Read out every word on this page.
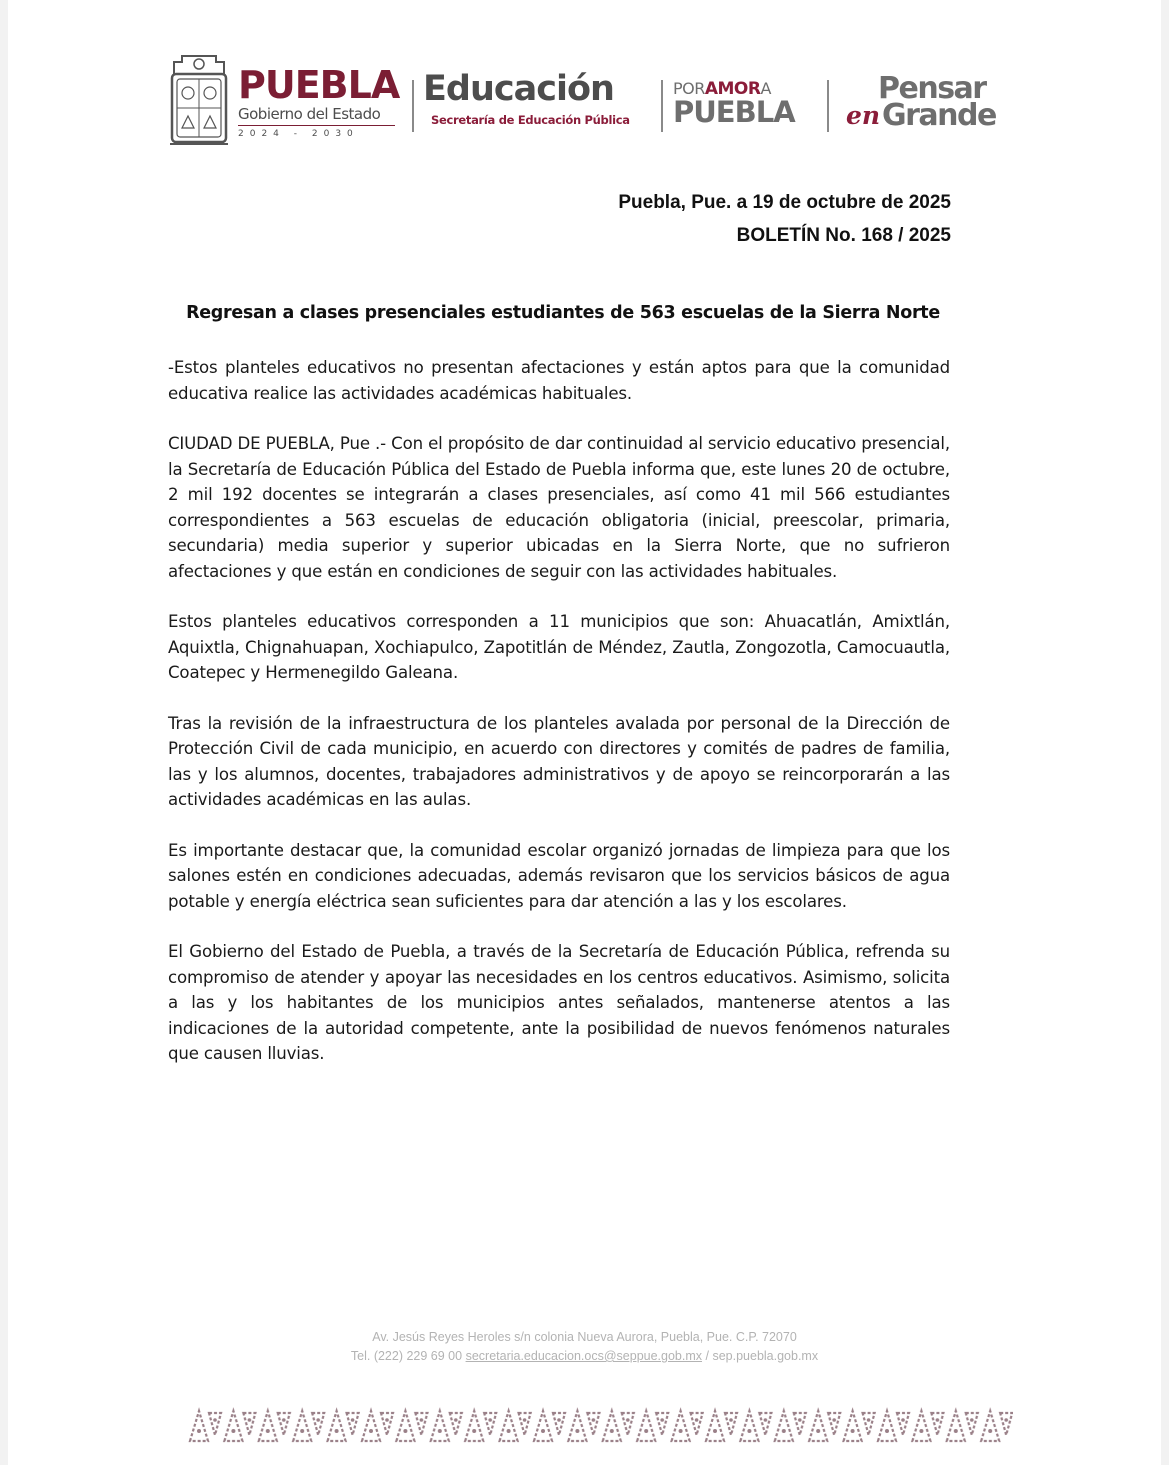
PUEBLA
Gobierno del Estado
2024 - 2030
Educación
Secretaría de Educación Pública
PORAMORA
PUEBLA
Pensar
en Grande
Puebla, Pue. a 19 de octubre de 2025
BOLETÍN No. 168 / 2025
Regresan a clases presenciales estudiantes de 563 escuelas de la Sierra Norte

-Estos planteles educativos no presentan afectaciones y están aptos para que la comunidad educativa realice las actividades académicas habituales.

CIUDAD DE PUEBLA, Pue .- Con el propósito de dar continuidad al servicio educativo presencial, la Secretaría de Educación Pública del Estado de Puebla informa que, este lunes 20 de octubre, 2 mil 192 docentes se integrarán a clases presenciales, así como 41 mil 566 estudiantes correspondientes a 563 escuelas de educación obligatoria (inicial, preescolar, primaria, secundaria) media superior y superior ubicadas en la Sierra Norte, que no sufrieron afectaciones y que están en condiciones de seguir con las actividades habituales.

Estos planteles educativos corresponden a 11 municipios que son: Ahuacatlán, Amixtlán, Aquixtla, Chignahuapan, Xochiapulco, Zapotitlán de Méndez, Zautla, Zongozotla, Camocuautla, Coatepec y Hermenegildo Galeana.

Tras la revisión de la infraestructura de los planteles avalada por personal de la Dirección de Protección Civil de cada municipio, en acuerdo con directores y comités de padres de familia, las y los alumnos, docentes, trabajadores administrativos y de apoyo se reincorporarán a las actividades académicas en las aulas.

Es importante destacar que, la comunidad escolar organizó jornadas de limpieza para que los salones estén en condiciones adecuadas, además revisaron que los servicios básicos de agua potable y energía eléctrica sean suficientes para dar atención a las y los escolares.

El Gobierno del Estado de Puebla, a través de la Secretaría de Educación Pública, refrenda su compromiso de atender y apoyar las necesidades en los centros educativos. Asimismo, solicita a las y los habitantes de los municipios antes señalados, mantenerse atentos a las indicaciones de la autoridad competente, ante la posibilidad de nuevos fenómenos naturales que causen lluvias.

Av. Jesús Reyes Heroles s/n colonia Nueva Aurora, Puebla, Pue. C.P. 72070
Tel. (222) 229 69 00 secretaria.educacion.ocs@seppue.gob.mx / sep.puebla.gob.mx
